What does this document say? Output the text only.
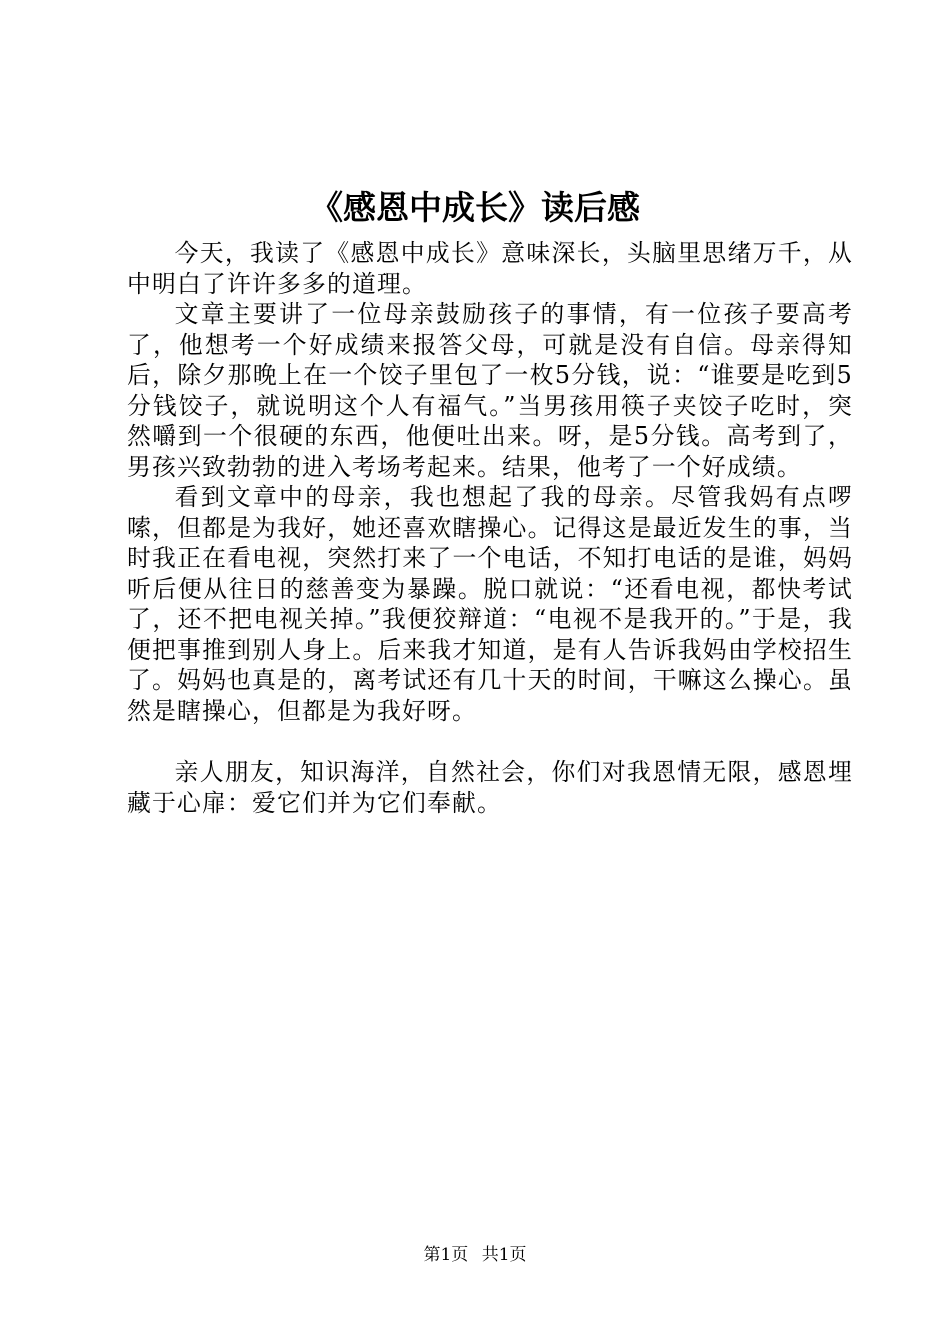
《感恩中成长》读后感

今天，我读了《感恩中成长》意味深长，头脑里思绪万千，从中明白了许许多多的道理。

文章主要讲了一位母亲鼓励孩子的事情，有一位孩子要高考了，他想考一个好成绩来报答父母，可就是没有自信。母亲得知后，除夕那晚上在一个饺子里包了一枚5分钱，说：“谁要是吃到5分钱饺子，就说明这个人有福气。”当男孩用筷子夹饺子吃时，突然嚼到一个很硬的东西，他便吐出来。呀，是5分钱。高考到了，男孩兴致勃勃的进入考场考起来。结果，他考了一个好成绩。

看到文章中的母亲，我也想起了我的母亲。尽管我妈有点啰嗦，但都是为我好，她还喜欢瞎操心。记得这是最近发生的事，当时我正在看电视，突然打来了一个电话，不知打电话的是谁，妈妈听后便从往日的慈善变为暴躁。脱口就说：“还看电视，都快考试了，还不把电视关掉。”我便狡辩道：“电视不是我开的。”于是，我便把事推到别人身上。后来我才知道，是有人告诉我妈由学校招生了。妈妈也真是的，离考试还有几十天的时间，干嘛这么操心。虽然是瞎操心，但都是为我好呀。

亲人朋友，知识海洋，自然社会，你们对我恩情无限，感恩埋藏于心扉：爱它们并为它们奉献。

第1页 共1页
